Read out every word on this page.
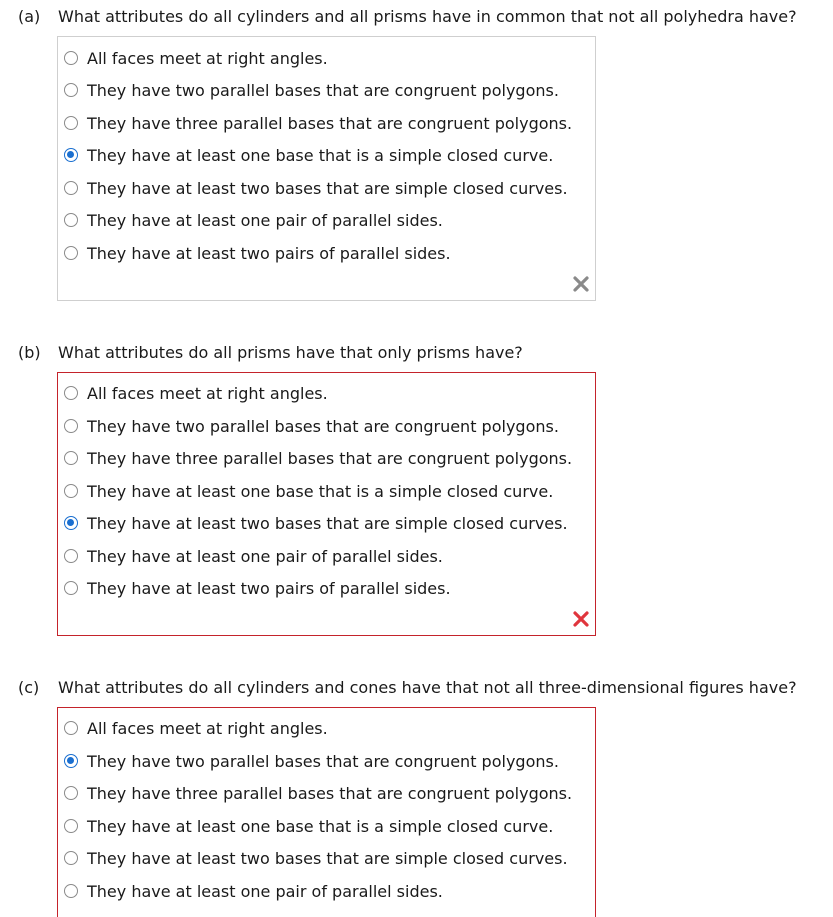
(a) What attributes do all cylinders and all prisms have in common that not all polyhedra have?
All faces meet at right angles.
They have two parallel bases that are congruent polygons.
They have three parallel bases that are congruent polygons.
They have at least one base that is a simple closed curve.
They have at least two bases that are simple closed curves.
They have at least one pair of parallel sides.
They have at least two pairs of parallel sides.
(b) What attributes do all prisms have that only prisms have?
All faces meet at right angles.
They have two parallel bases that are congruent polygons.
They have three parallel bases that are congruent polygons.
They have at least one base that is a simple closed curve.
They have at least two bases that are simple closed curves.
They have at least one pair of parallel sides.
They have at least two pairs of parallel sides.
(c) What attributes do all cylinders and cones have that not all three-dimensional figures have?
All faces meet at right angles.
They have two parallel bases that are congruent polygons.
They have three parallel bases that are congruent polygons.
They have at least one base that is a simple closed curve.
They have at least two bases that are simple closed curves.
They have at least one pair of parallel sides.
